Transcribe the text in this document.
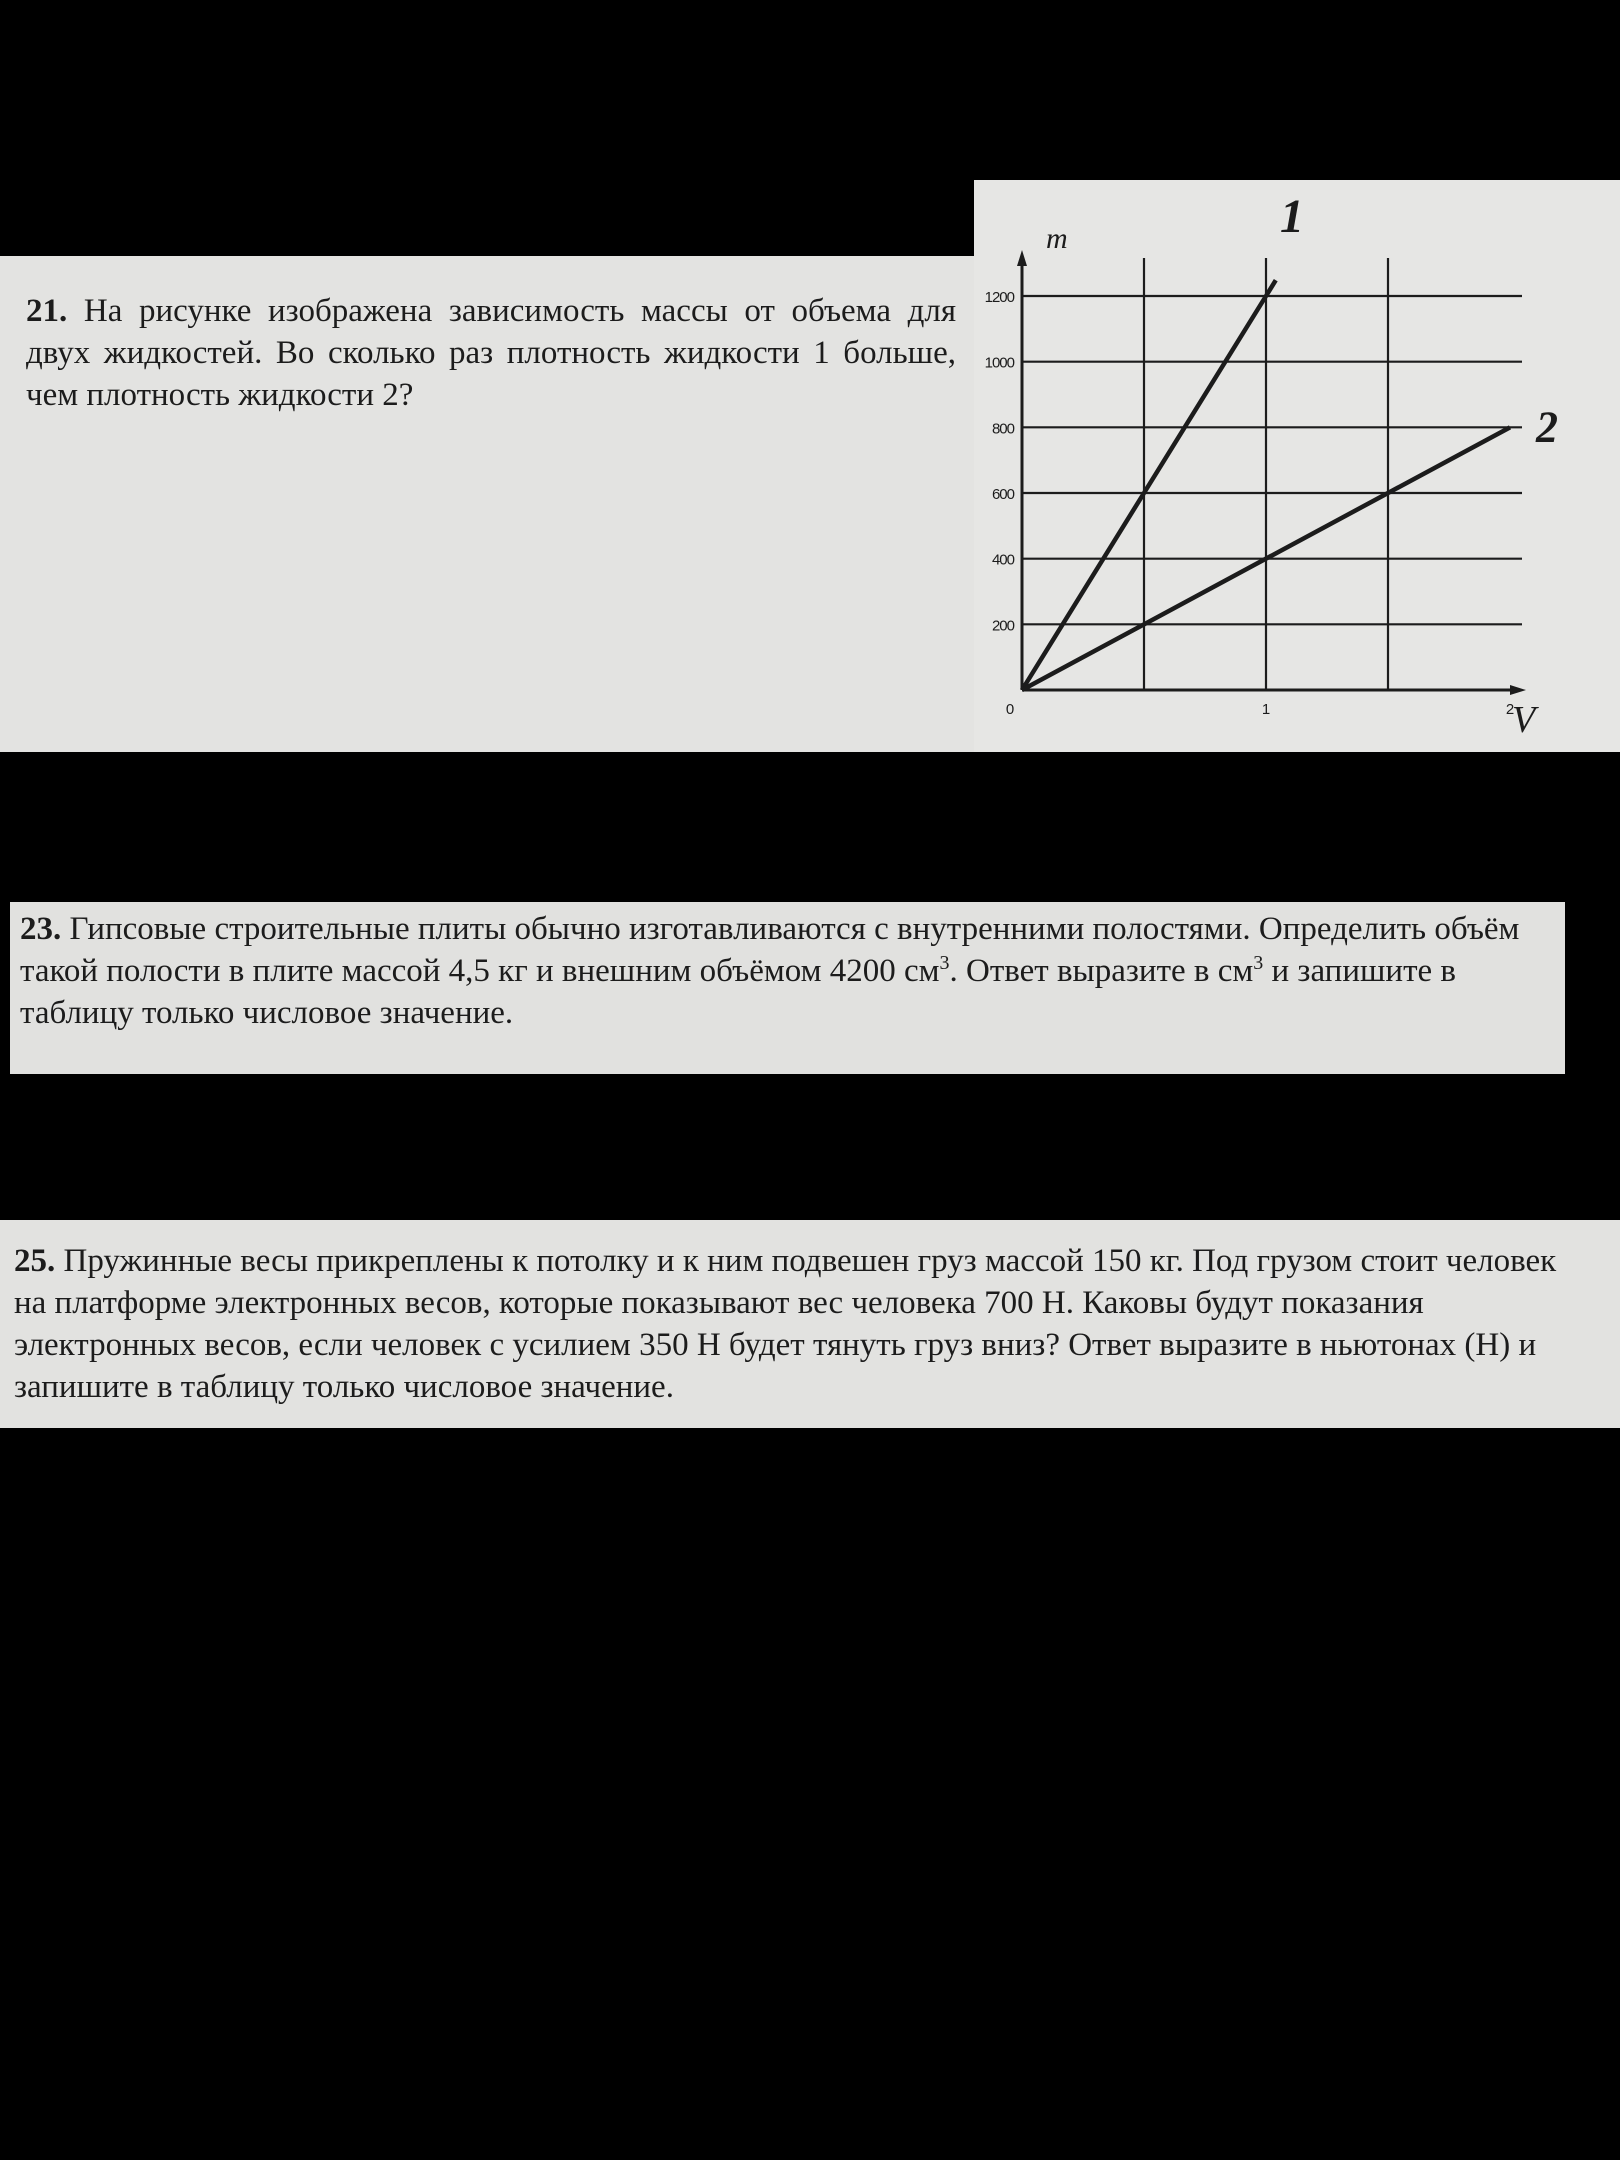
21. На рисунке изображена зависимость массы от объема для двух жидкостей. Во сколько раз плотность жидкости 1 больше, чем плотность жидкости 2?

23. Гипсовые строительные плиты обычно изготавливаются с внутренними полостями. Определить объём такой полости в плите массой 4,5 кг и внешним объёмом 4200 $см^3$. Ответ выразите в $см^3$ и запишите в таблицу только числовое значение.

25. Пружинные весы прикреплены к потолку и к ним подвешен груз массой 150 кг. Под грузом стоит человек на платформе электронных весов, которые показывают вес человека 700 Н. Каковы будут показания электронных весов, если человек с усилием 350 Н будет тянуть груз вниз? Ответ выразите в ньютонах (Н) и запишите в таблицу только числовое значение.

200
400
600
800
1000
1200
1	2
0
m
V
1
2
